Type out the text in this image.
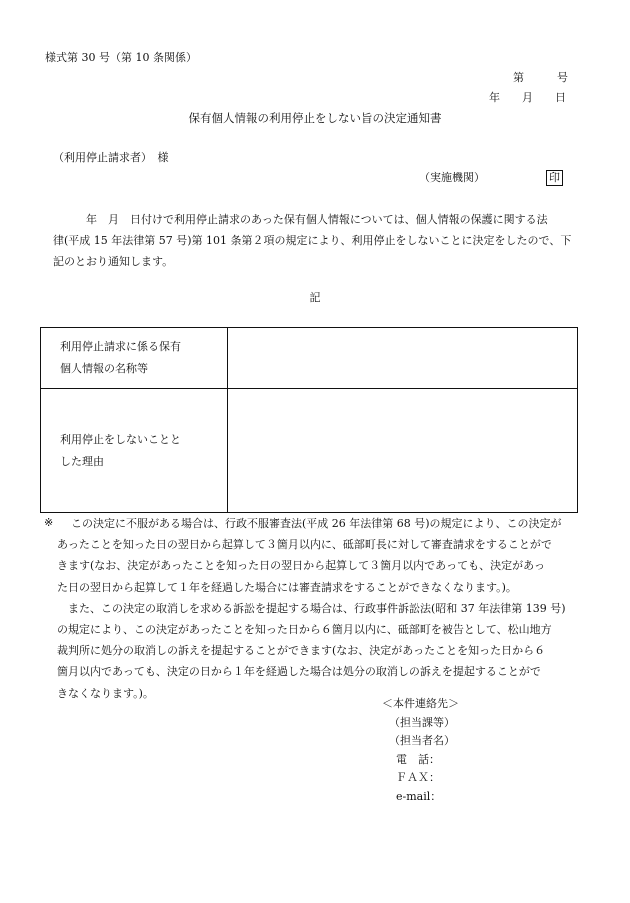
様式第 30 号（第 10 条関係）
第　　　号
年　　月　　日
保有個人情報の利用停止をしない旨の決定通知書
（利用停止請求者）　様
（実施機関）	印
　　　年　月　日付けで利用停止請求のあった保有個人情報については、個人情報の保護に関する法
律(平成 15 年法律第 57 号)第 101 条第２項の規定により、利用停止をしないことに決定をしたので、下
記のとおり通知します。
記
利用停止請求に係る保有
個人情報の名称等	

利用停止をしないことと
した理由	

※	この決定に不服がある場合は、行政不服審査法(平成 26 年法律第 68 号)の規定により、この決定が

あったことを知った日の翌日から起算して３箇月以内に、砥部町長に対して審査請求をすることがで

きます(なお、決定があったことを知った日の翌日から起算して３箇月以内であっても、決定があっ

た日の翌日から起算して１年を経過した場合には審査請求をすることができなくなります。)。

また、この決定の取消しを求める訴訟を提起する場合は、行政事件訴訟法(昭和 37 年法律第 139 号)

の規定により、この決定があったことを知った日から６箇月以内に、砥部町を被告として、松山地方

裁判所に処分の取消しの訴えを提起することができます(なお、決定があったことを知った日から６

箇月以内であっても、決定の日から１年を経過した場合は処分の取消しの訴えを提起することがで

きなくなります。)。

＜本件連絡先＞
（担当課等）
（担当者名）
電　話：
ＦＡＸ：
e-mail：
